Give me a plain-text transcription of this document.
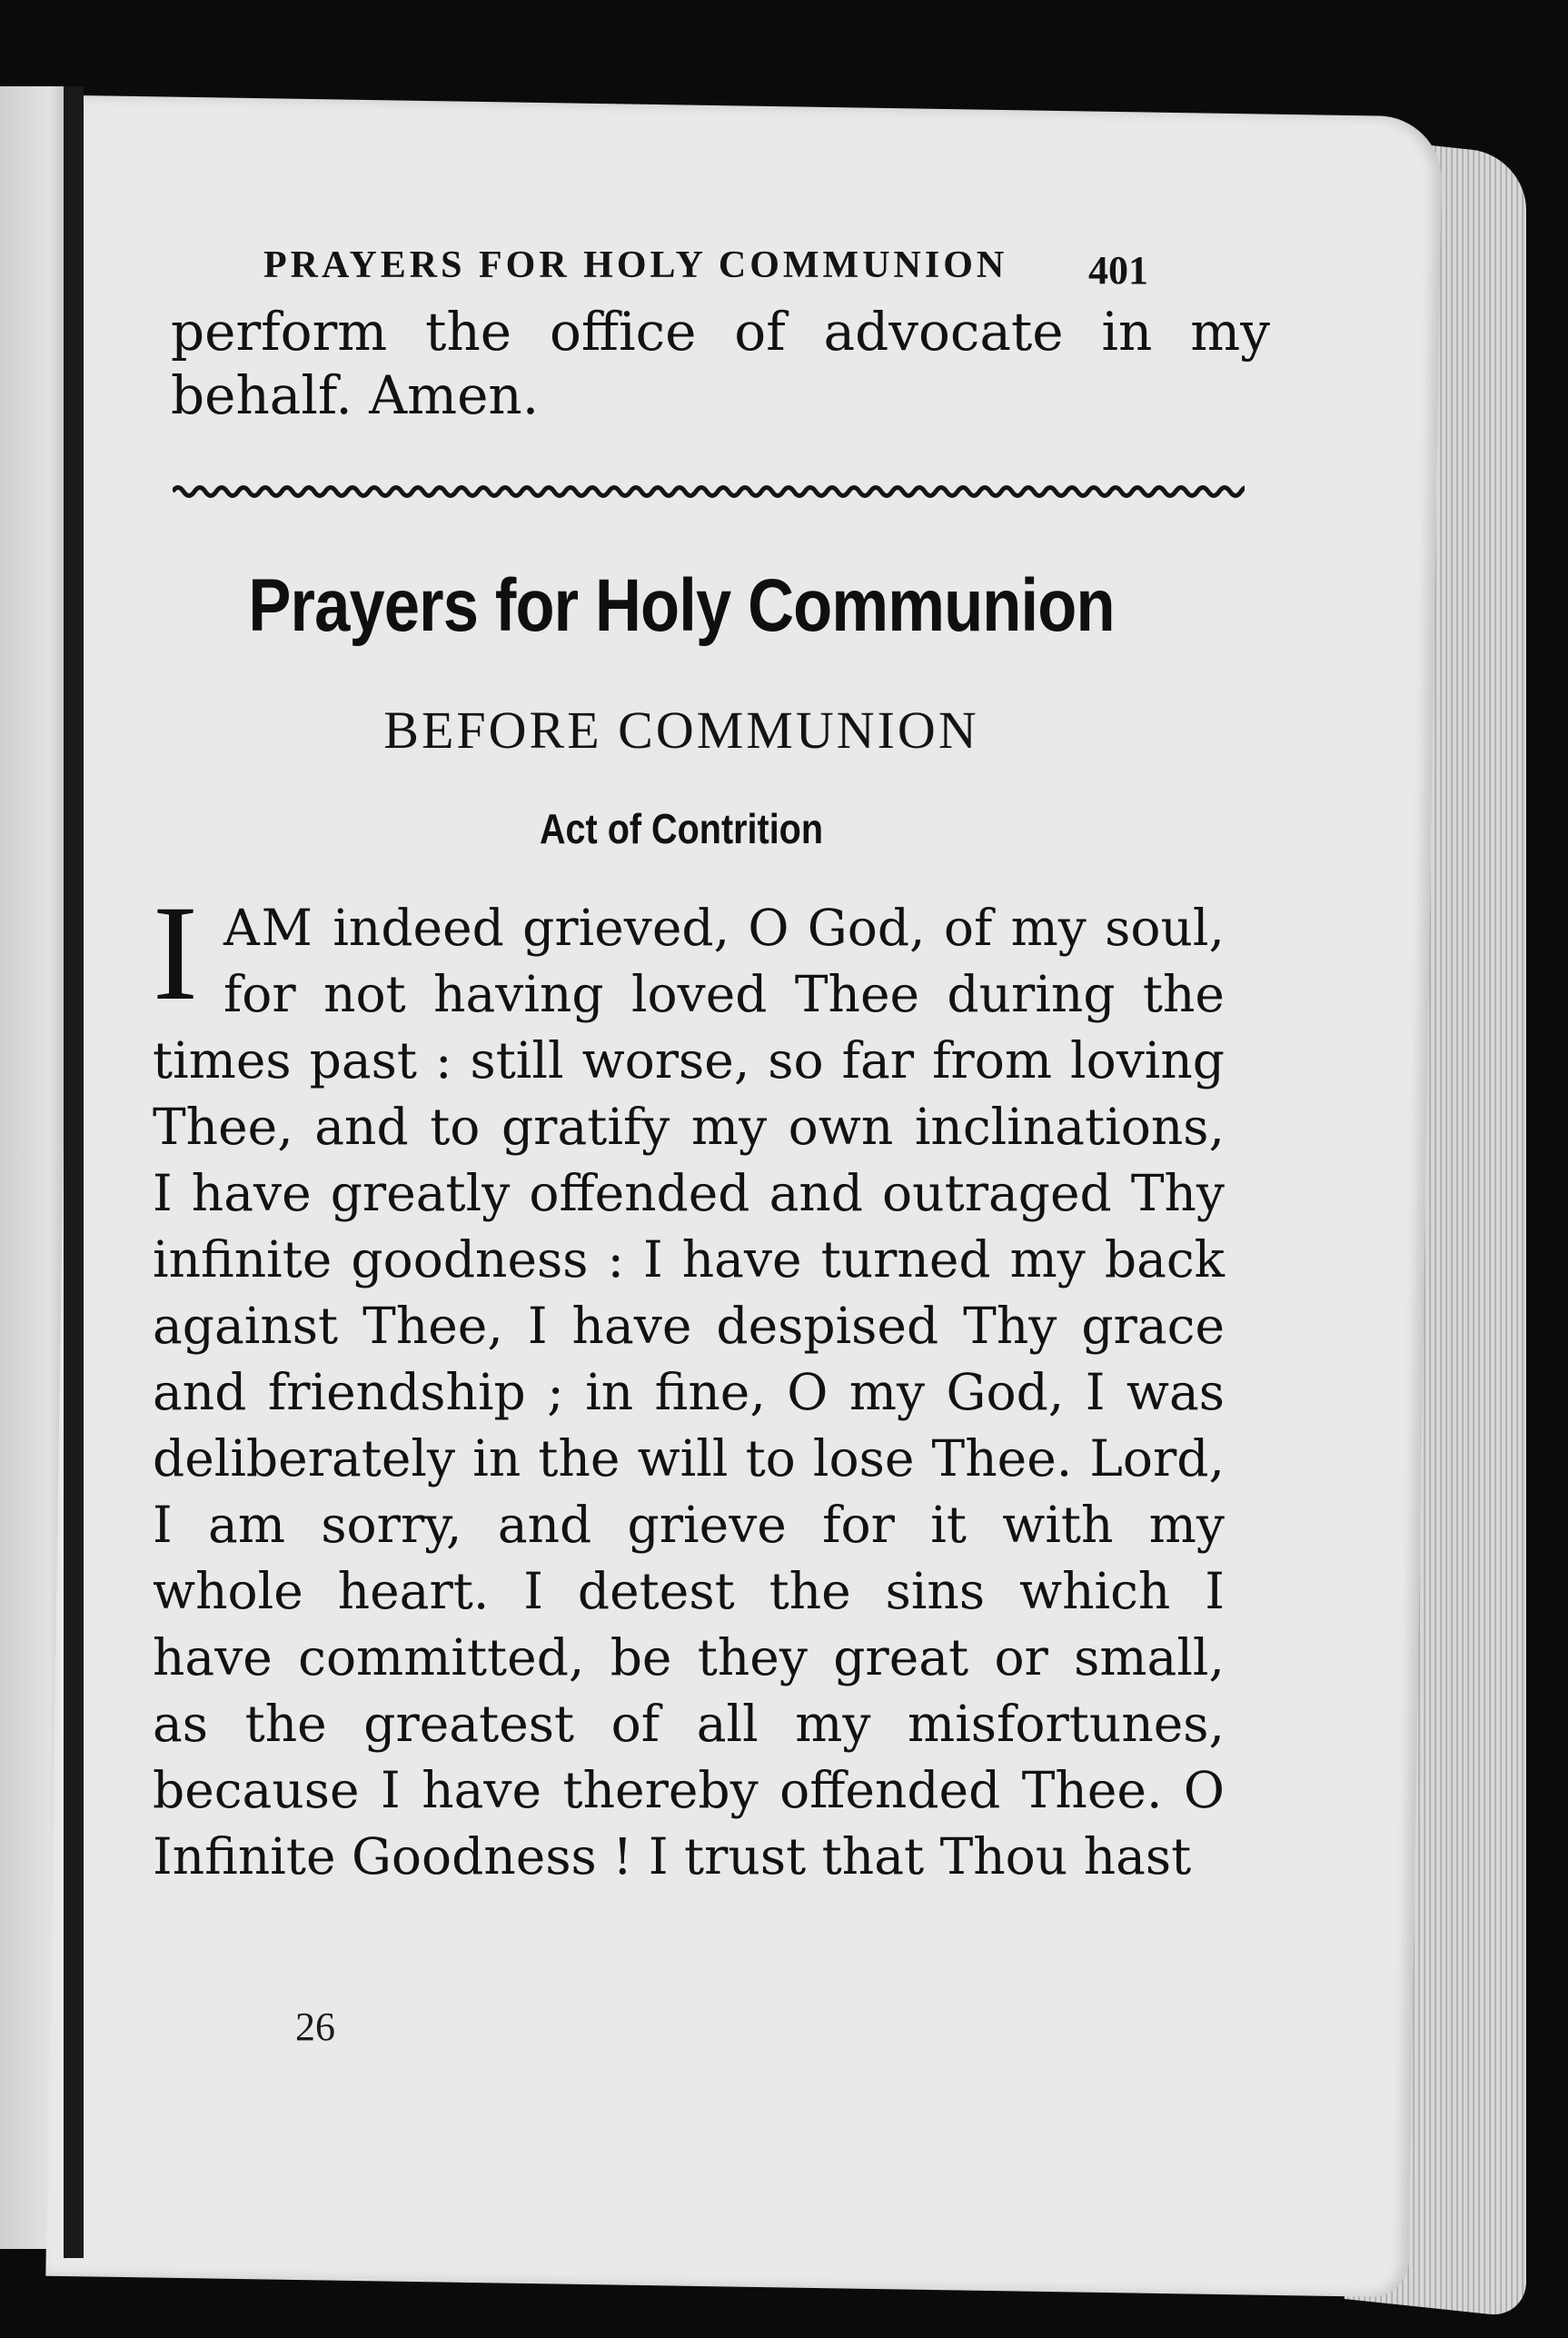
PRAYERS FOR HOLY COMMUNION 401
perform the office of advocate in my behalf. Amen.
Prayers for Holy Communion
BEFORE COMMUNION
Act of Contrition
I AM indeed grieved, O God, of my soul, for not having loved Thee during the times past : still worse, so far from loving Thee, and to gratify my own inclinations, I have greatly offended and outraged Thy infinite goodness : I have turned my back against Thee, I have despised Thy grace and friendship ; in fine, O my God, I was deliberately in the will to lose Thee. Lord, I am sorry, and grieve for it with my whole heart. I detest the sins which I have committed, be they great or small, as the greatest of all my misfortunes, because I have thereby offended Thee. O Infinite Goodness ! I trust that Thou hast
26
